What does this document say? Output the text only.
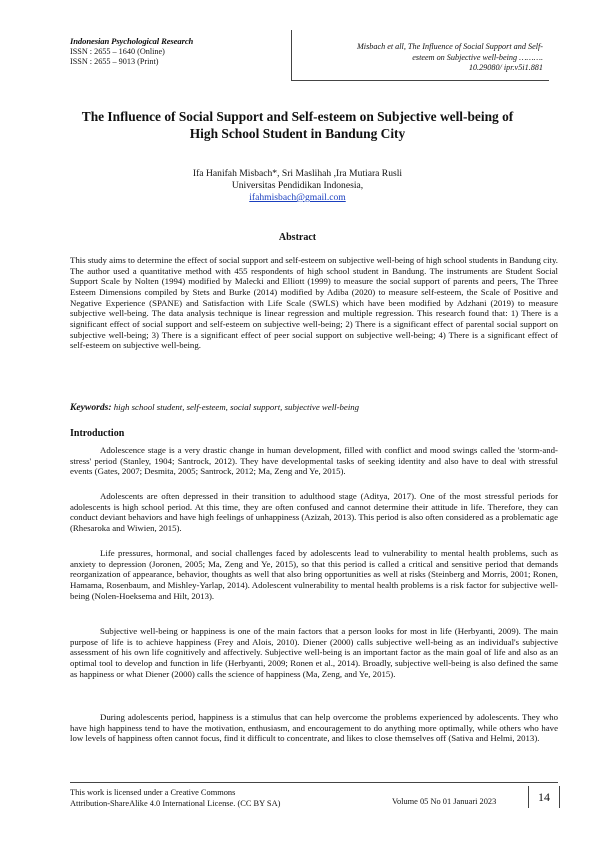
Indonesian Psychological Research
ISSN : 2655 – 1640 (Online)
ISSN : 2655 – 9013 (Print)
Misbach et all, The Influence of Social Support and Self-
esteem on Subjective well-being ……….
10.29080/ ipr.v5i1.881
The Influence of Social Support and Self-esteem on Subjective well-being of
High School Student in Bandung City
Ifa Hanifah Misbach*, Sri Maslihah ,Ira Mutiara Rusli
Universitas Pendidikan Indonesia,
ifahmisbach@gmail.com
Abstract
This study aims to determine the effect of social support and self-esteem on subjective well-being of high school students in Bandung city. The author used a quantitative method with 455 respondents of high school student in Bandung. The instruments are Student Social Support Scale by Nolten (1994) modified by Malecki and Elliott (1999) to measure the social support of parents and peers, The Three Esteem Dimensions compiled by Stets and Burke (2014) modified by Adiba (2020) to measure self-esteem, the Scale of Positive and Negative Experience (SPANE) and Satisfaction with Life Scale (SWLS) which have been modified by Adzhani (2019) to measure subjective well-being. The data analysis technique is linear regression and multiple regression. This research found that: 1) There is a significant effect of social support and self-esteem on subjective well-being; 2) There is a significant effect of parental social support on subjective well-being; 3) There is a significant effect of peer social support on subjective well-being; 4) There is a significant effect of self-esteem on subjective well-being.
Keywords: high school student, self-esteem, social support, subjective well-being
Introduction
Adolescence stage is a very drastic change in human development, filled with conflict and mood swings called the 'storm-and-stress' period (Stanley, 1904; Santrock, 2012). They have developmental tasks of seeking identity and also have to deal with stressful events (Gates, 2007; Desmita, 2005; Santrock, 2012; Ma, Zeng and Ye, 2015).
Adolescents are often depressed in their transition to adulthood stage (Aditya, 2017). One of the most stressful periods for adolescents is high school period. At this time, they are often confused and cannot determine their attitude in life. Therefore, they can conduct deviant behaviors and have high feelings of unhappiness (Azizah, 2013). This period is also often considered as a problematic age (Rhesaroka and Wiwien, 2015).
Life pressures, hormonal, and social challenges faced by adolescents lead to vulnerability to mental health problems, such as anxiety to depression (Joronen, 2005; Ma, Zeng and Ye, 2015), so that this period is called a critical and sensitive period that demands reorganization of appearance, behavior, thoughts as well that also bring opportunities as well at risks (Steinberg and Morris, 2001; Ronen, Hamama, Rosenbaum, and Mishley-Yarlap, 2014). Adolescent vulnerability to mental health problems is a risk factor for subjective well-being (Nolen-Hoeksema and Hilt, 2013).
Subjective well-being or happiness is one of the main factors that a person looks for most in life (Herbyanti, 2009). The main purpose of life is to achieve happiness (Frey and Alois, 2010). Diener (2000) calls subjective well-being as an individual's subjective assessment of his own life cognitively and affectively. Subjective well-being is an important factor as the main goal of life and also as an optimal tool to develop and function in life (Herbyanti, 2009; Ronen et al., 2014). Broadly, subjective well-being is also defined the same as happiness or what Diener (2000) calls the science of happiness (Ma, Zeng, and Ye, 2015).
During adolescents period, happiness is a stimulus that can help overcome the problems experienced by adolescents. They who have high happiness tend to have the motivation, enthusiasm, and encouragement to do anything more optimally, while others who have low levels of happiness often cannot focus, find it difficult to concentrate, and likes to close themselves off (Sativa and Helmi, 2013).
This work is licensed under a Creative Commons
Attribution-ShareAlike 4.0 International License. (CC BY SA)	Volume 05 No 01 Januari 2023	14
